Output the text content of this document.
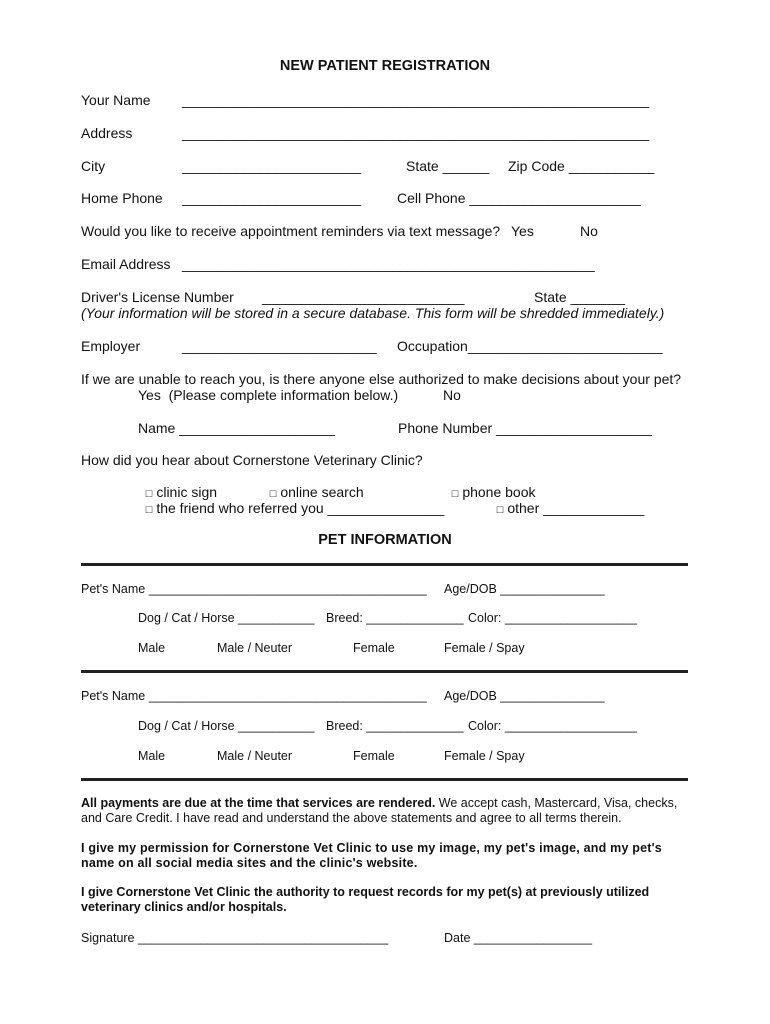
NEW PATIENT REGISTRATION
Your Name ____________________________________________________________
Address	____________________________________________________________
City	_______________________	State ______ Zip Code ___________
Home Phone _______________________	Cell Phone ______________________
Would you like to receive appointment reminders via text message? Yes	No
Email Address _____________________________________________________
Driver's License Number __________________________	State _______
(Your information will be stored in a secure database. This form will be shredded immediately.)
Employer	_________________________ Occupation_________________________
If we are unable to reach you, is there anyone else authorized to make decisions about your pet?
Yes  (Please complete information below.)	No
Name ____________________	Phone Number ____________________
How did you hear about Cornerstone Veterinary Clinic?

□ clinic sign	□ online search	□ phone book

□ the friend who referred you _______________	□ other _____________

PET INFORMATION
Pet's Name ________________________________________ Age/DOB _______________
Dog / Cat / Horse ___________ Breed: ______________ Color: ___________________
Male	Male / Neuter	Female	Female / Spay
Pet's Name ________________________________________ Age/DOB _______________
Dog / Cat / Horse ___________ Breed: ______________ Color: ___________________
Male	Male / Neuter	Female	Female / Spay
All payments are due at the time that services are rendered. We accept cash, Mastercard, Visa, checks, and Care Credit. I have read and understand the above statements and agree to all terms therein.
I give my permission for Cornerstone Vet Clinic to use my image, my pet's image, and my pet's name on all social media sites and the clinic's website.
I give Cornerstone Vet Clinic the authority to request records for my pet(s) at previously utilized veterinary clinics and/or hospitals.
Signature ____________________________________	Date _________________
